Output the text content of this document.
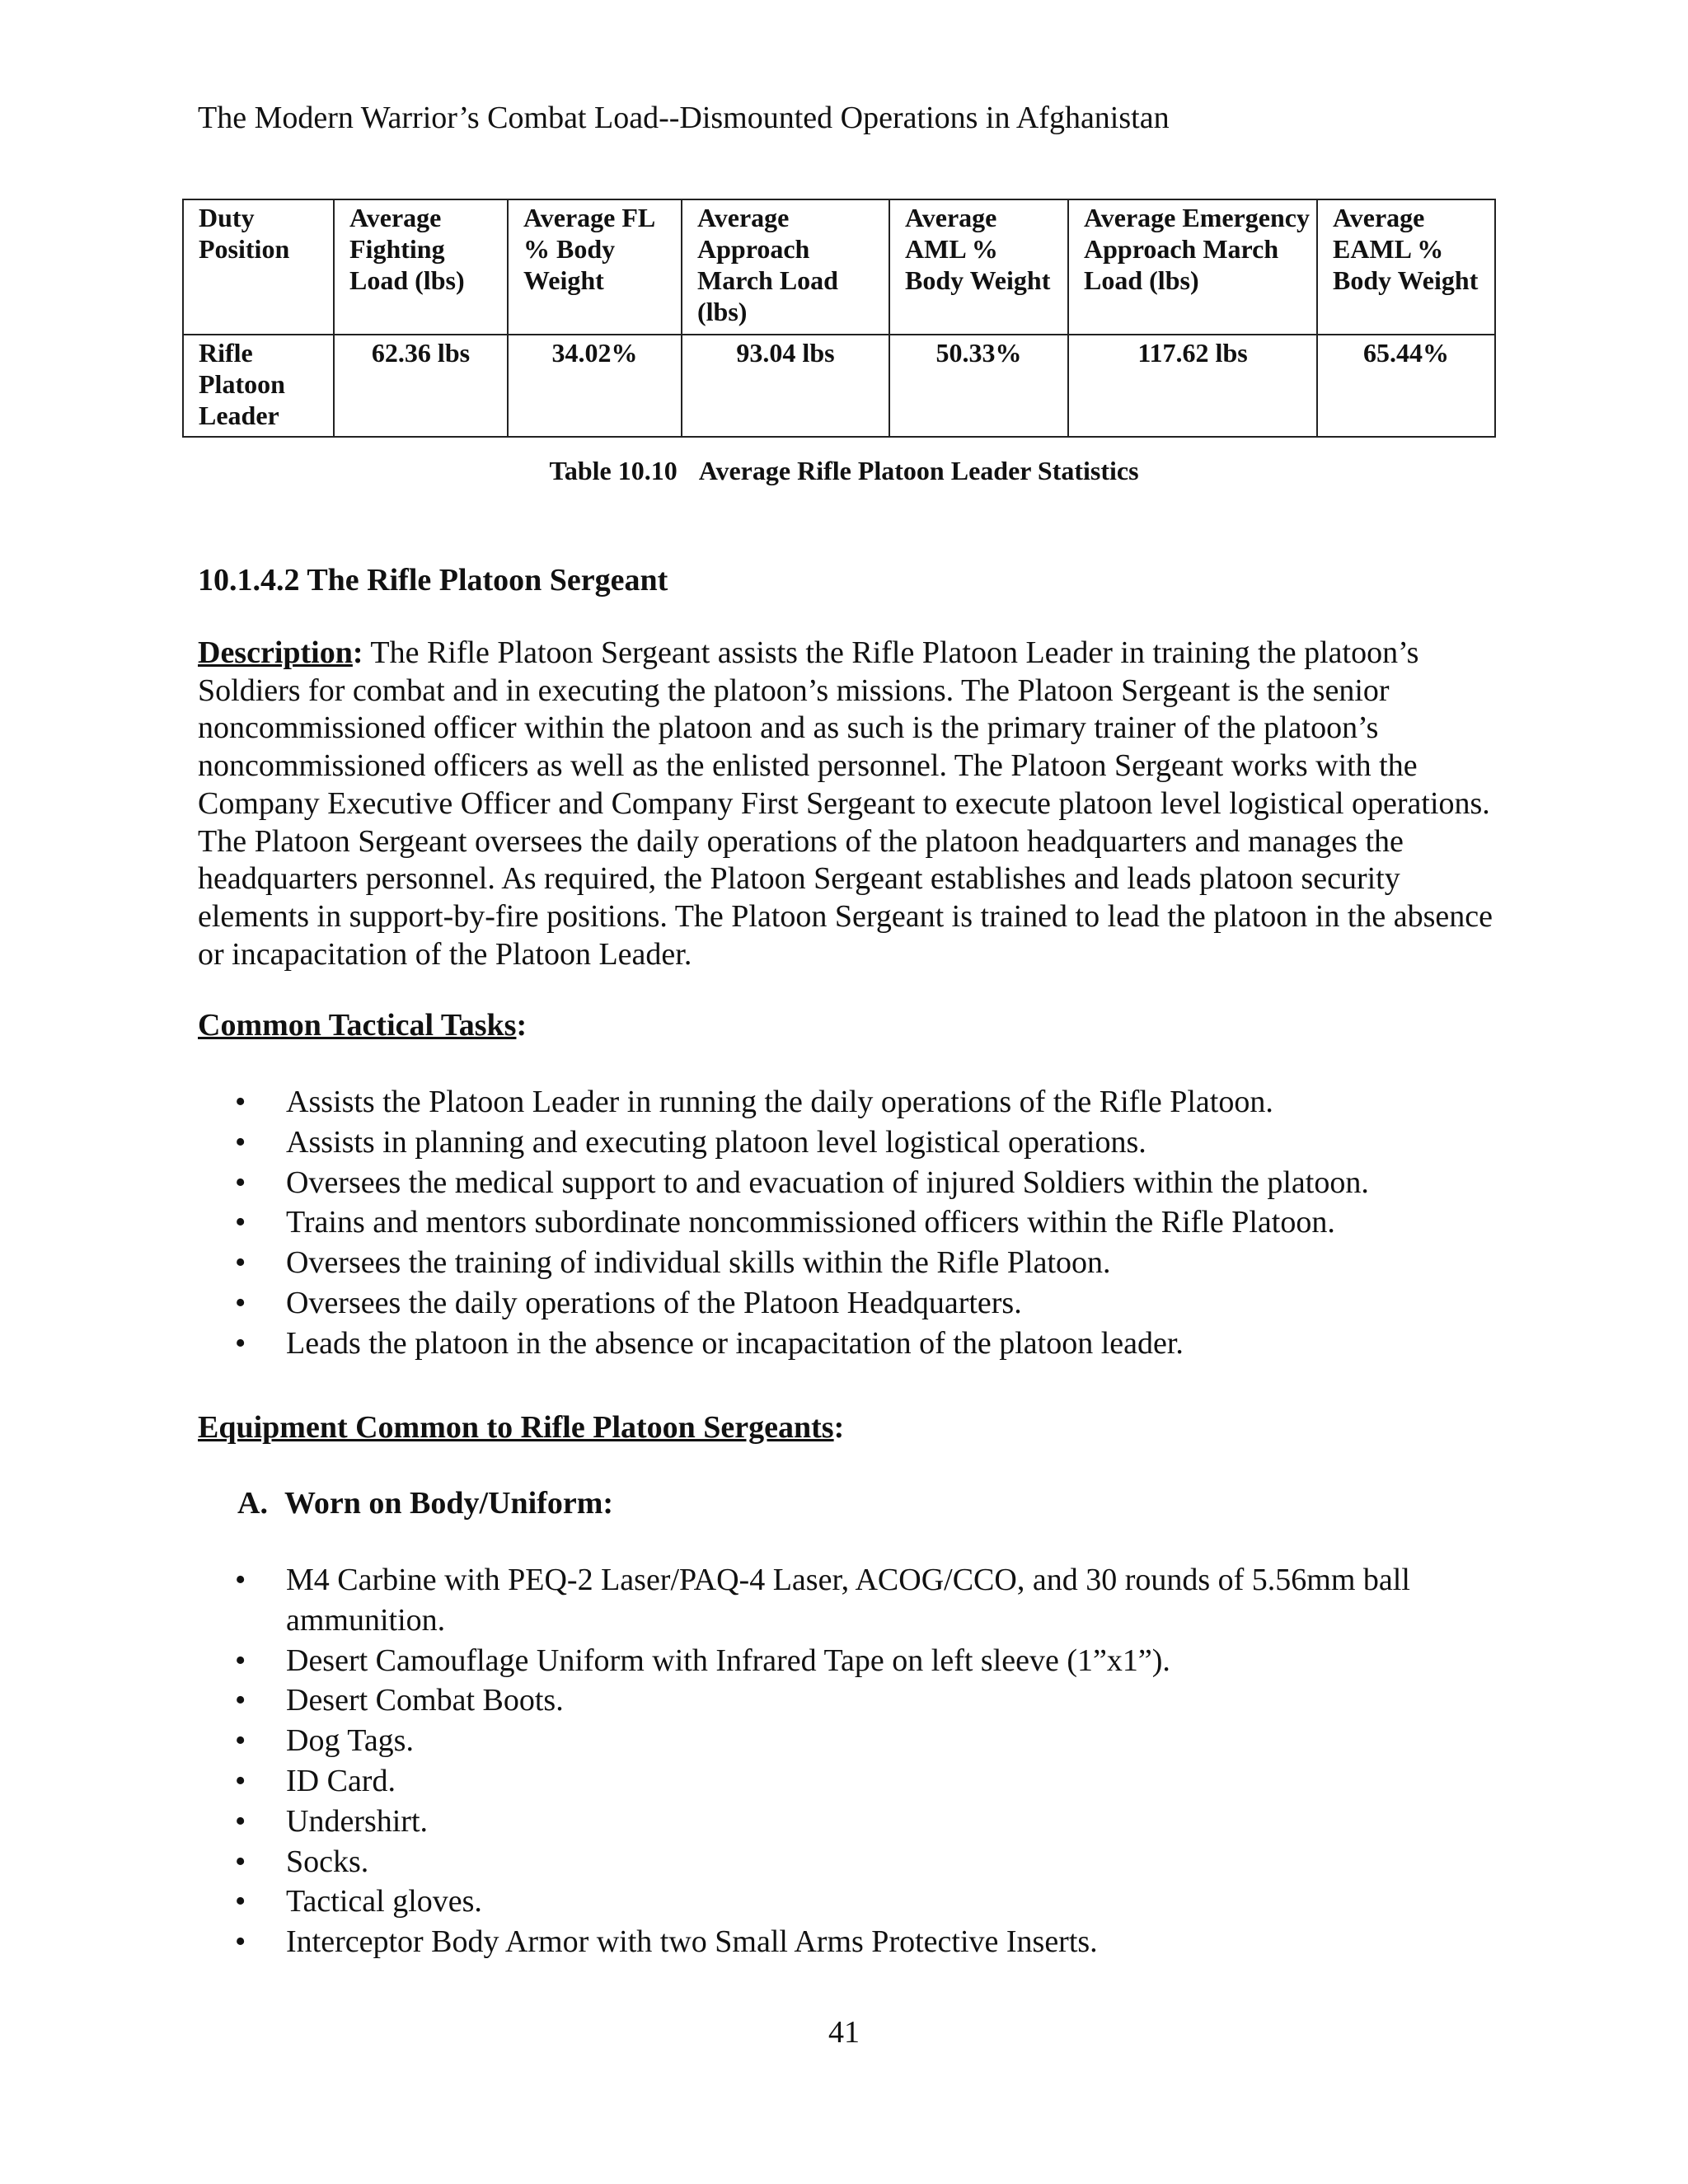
The Modern Warrior’s Combat Load--Dismounted Operations in Afghanistan

Duty Position	Average Fighting Load (lbs)	Average FL % Body Weight	Average Approach March Load (lbs)	Average AML % Body Weight	Average Emergency Approach March Load (lbs)	Average EAML % Body Weight
Rifle Platoon Leader	62.36 lbs	34.02%	93.04 lbs	50.33%	117.62 lbs	65.44%
Table 10.10 Average Rifle Platoon Leader Statistics
10.1.4.2 The Rifle Platoon Sergeant

Description: The Rifle Platoon Sergeant assists the Rifle Platoon Leader in training the platoon’s Soldiers for combat and in executing the platoon’s missions. The Platoon Sergeant is the senior noncommissioned officer within the platoon and as such is the primary trainer of the platoon’s noncommissioned officers as well as the enlisted personnel. The Platoon Sergeant works with the Company Executive Officer and Company First Sergeant to execute platoon level logistical operations. The Platoon Sergeant oversees the daily operations of the platoon headquarters and manages the headquarters personnel. As required, the Platoon Sergeant establishes and leads platoon security elements in support-by-fire positions. The Platoon Sergeant is trained to lead the platoon in the absence or incapacitation of the Platoon Leader.

Common Tactical Tasks:

• Assists the Platoon Leader in running the daily operations of the Rifle Platoon.
• Assists in planning and executing platoon level logistical operations.
• Oversees the medical support to and evacuation of injured Soldiers within the platoon.
• Trains and mentors subordinate noncommissioned officers within the Rifle Platoon.
• Oversees the training of individual skills within the Rifle Platoon.
• Oversees the daily operations of the Platoon Headquarters.
• Leads the platoon in the absence or incapacitation of the platoon leader.

Equipment Common to Rifle Platoon Sergeants:

A. Worn on Body/Uniform:

• M4 Carbine with PEQ-2 Laser/PAQ-4 Laser, ACOG/CCO, and 30 rounds of 5.56mm ball ammunition.
• Desert Camouflage Uniform with Infrared Tape on left sleeve (1”x1”).
• Desert Combat Boots.
• Dog Tags.
• ID Card.
• Undershirt.
• Socks.
• Tactical gloves.
• Interceptor Body Armor with two Small Arms Protective Inserts.
41
